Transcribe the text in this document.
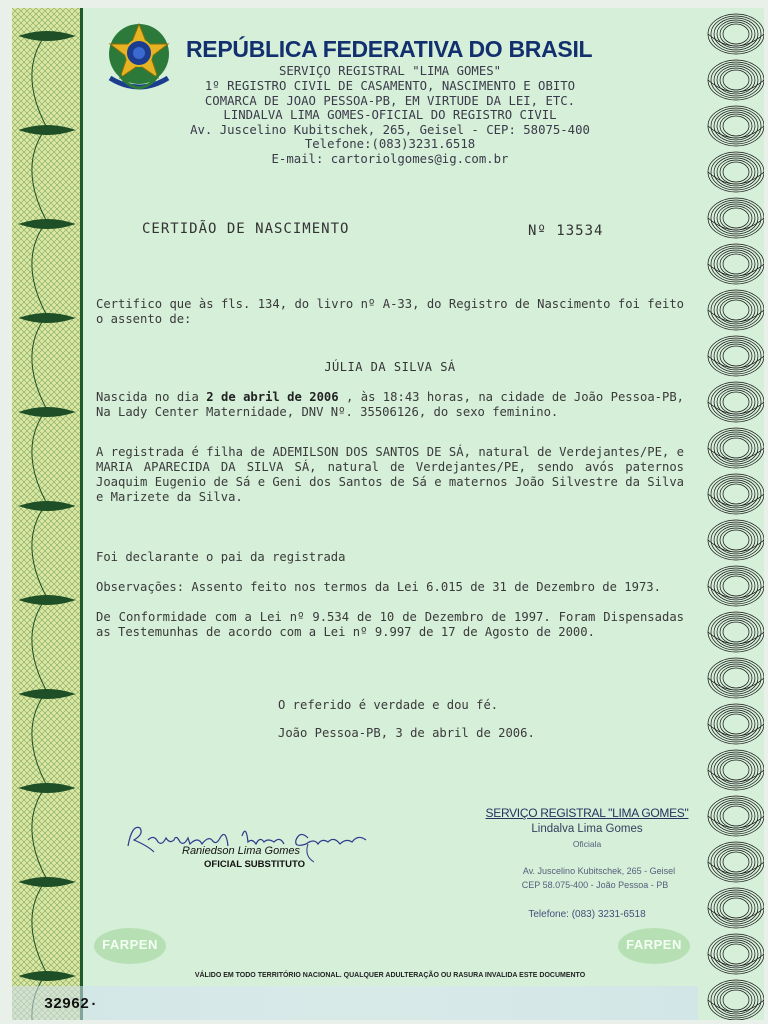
REPÚBLICA FEDERATIVA DO BRASIL
SERVIÇO REGISTRAL "LIMA GOMES"
1º REGISTRO CIVIL DE CASAMENTO, NASCIMENTO E OBITO
COMARCA DE JOAO PESSOA-PB, EM VIRTUDE DA LEI, ETC.
LINDALVA LIMA GOMES-OFICIAL DO REGISTRO CIVIL
Av. Juscelino Kubitschek, 265, Geisel - CEP: 58075-400
Telefone:(083)3231.6518
E-mail: cartoriolgomes@ig.com.br
CERTIDÃO DE NASCIMENTO	Nº 13534
Certifico que às fls. 134, do livro nº A-33, do Registro de Nascimento foi feito o assento de:
JÚLIA DA SILVA SÁ
Nascida no dia 2 de abril de 2006 , às 18:43 horas, na cidade de João Pessoa-PB, Na Lady Center Maternidade, DNV Nº. 35506126, do sexo feminino.
A registrada é filha de ADEMILSON DOS SANTOS DE SÁ, natural de Verdejantes/PE, e MARIA APARECIDA DA SILVA SÁ, natural de Verdejantes/PE, sendo avós paternos Joaquim Eugenio de Sá e Geni dos Santos de Sá e maternos João Silvestre da Silva e Marizete da Silva.
Foi declarante o pai da registrada
Observações: Assento feito nos termos da Lei 6.015 de 31 de Dezembro de 1973.
De Conformidade com a Lei nº 9.534 de 10 de Dezembro de 1997. Foram Dispensadas as Testemunhas de acordo com a Lei nº 9.997 de 17 de Agosto de 2000.
O referido é verdade e dou fé.
João Pessoa-PB, 3 de abril de 2006.
Raniedson Lima Gomes
OFICIAL SUBSTITUTO
SERVIÇO REGISTRAL "LIMA GOMES"
Lindalva Lima Gomes
Oficiala
Av. Juscelino Kubitschek, 265 - Geisel
CEP 58.075-400 - João Pessoa - PB
Telefone: (083) 3231-6518
FARPEN	FARPEN
VÁLIDO EM TODO TERRITÓRIO NACIONAL. QUALQUER ADULTERAÇÃO OU RASURA INVALIDA ESTE DOCUMENTO
32962·
